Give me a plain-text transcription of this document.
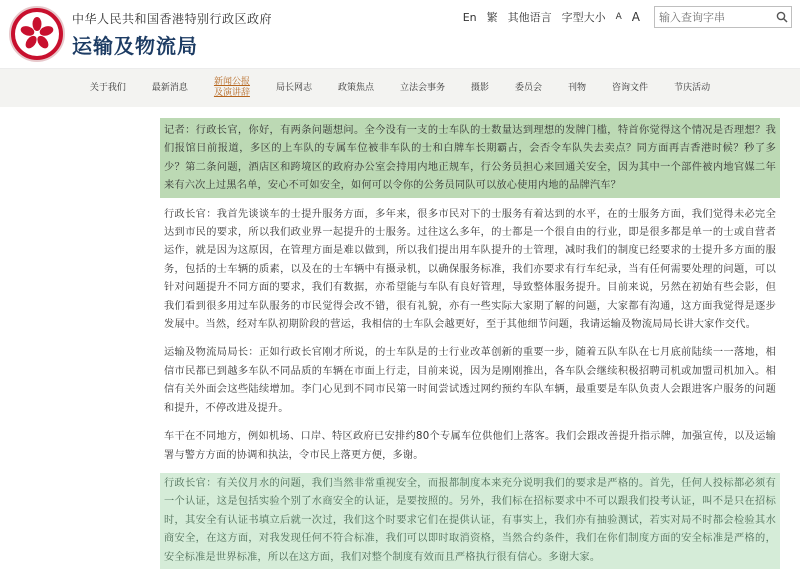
中华人民共和国香港特别行政区政府
运输及物流局
En 繁 其他语言 字型大小 A A
输入查询字串
关于我们	最新消息
新闻公报
及演讲辞
局长网志	政策焦点	立法会事务	摄影	委员会	刊物	咨询文件	节庆活动
记者：行政长官，你好，有两条问题想问。全今没有一支的士车队的士数量达到理想的发牌门槛，特首你觉得这个情况是否理想？我们报馆日前报道，多区的上车队的专属车位被非车队的士和白牌车长期霸占，会否令车队失去卖点？同方面再吉香港时候？秒了多少？第二条问题，酒店区和跨境区的政府办公室会持用内地正规车，行公务员担心来回通关安全，因为其中一个部件被内地官媒二年来有六次上过黑名单，安心不可如安全，如何可以令你的公务员同队可以放心使用内地的品牌汽车？
行政长官：我首先谈谈车的士提升服务方面，多年来，很多市民对下的士服务有着达到的水平，在的士服务方面，我们觉得未必完全达到市民的要求，所以我们政业界一起提升的士服务。过往这么多年，的士都是一个很自由的行业，即是很多都是单一的士或自营者运作，就是因为这原因，在管理方面是难以做到，所以我们提出用车队提升的士管理，减时我们的制度已经要求的士提升多方面的服务，包括的士车辆的质素，以及在的士车辆中有摄录机，以确保服务标准，我们亦要求有行车纪录，当有任何需要处理的问题，可以针对问题提升不同方面的要求，我们有数据，亦希望能与车队有良好管理，导致整体服务提升。目前来说，另然在初始有些会影，但我们看到很多用过车队服务的市民觉得会改不错，很有礼貌，亦有一些实际大家期了解的问题，大家都有沟通，这方面我觉得是逐步发展中。当然，经对车队初期阶段的营运，我相信的士车队会越更好，至于其他细节问题，我请运输及物流局局长讲大家作交代。
运输及物流局局长：正如行政长官刚才所说，的士车队是的士行业改革创新的重要一步，随着五队车队在七月底前陆续一一落地，相信市民都已到越多车队不同品质的车辆在市面上行走，目前来说，因为是刚刚推出，各车队会继续积极招聘司机或加盟司机加入。相信有关外面会这些陆续增加。李门心见到不同市民第一时间尝试透过网约预约车队车辆，最重要是车队负责人会跟进客户服务的问题和提升，不停改进及提升。
车干在不同地方，例如机场、口岸、特区政府已安排约80个专属车位供他们上落客。我们会跟改善提升指示牌，加强宣传，以及运输署与警方方面的协调和执法，令市民上落更方便，多谢。
行政长官：有关仪月水的问题，我们当然非常重视安全，而报都制度本来充分说明我们的要求是严格的。首先，任何人投标都必须有一个认证，这是包括实验个别了水商安全的认证，是要按照的。另外，我们标在招标要求中不可以跟我们投考认证，叫不是只在招标时，其安全有认证书填立后就一次过，我们这个时要求它们在提供认证，有事实上，我们亦有抽验测试，若实对局不时都会检验其水商安全，在这方面，对我发现任何不符合标准，我们可以即时取消资格，当然合约条件，我们在你们制度方面的安全标准是严格的，安全标准是世界标准，所以在这方面，我们对整个制度有效而且严格执行很有信心。多谢大家。
